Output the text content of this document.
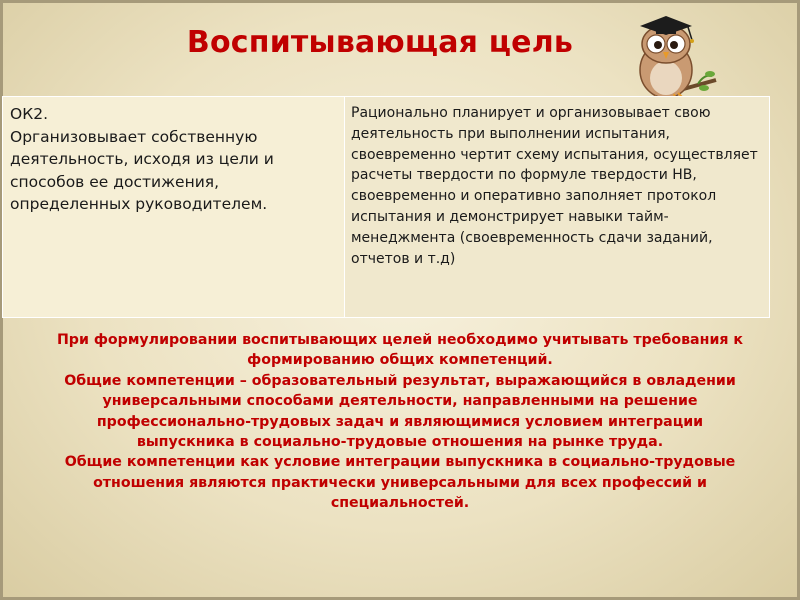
Воспитывающая цель
ОК2.
Организовывает собственную деятельность, исходя из цели и способов ее достижения, определенных руководителем.
Рационально планирует и организовывает свою деятельность при выполнении испытания, своевременно чертит схему испытания, осуществляет расчеты твердости по формуле твердости НВ, своевременно и оперативно заполняет протокол испытания и демонстрирует навыки тайм-менеджмента (своевременность сдачи заданий, отчетов и т.д)
При формулировании воспитывающих целей необходимо учитывать требования к формированию общих компетенций.
Общие компетенции – образовательный результат, выражающийся в овладении универсальными способами деятельности, направленными на решение профессионально-трудовых задач и являющимися условием интеграции выпускника в социально-трудовые отношения на рынке труда.
Общие компетенции как условие интеграции выпускника в социально-трудовые отношения являются практически универсальными для всех профессий и специальностей.
